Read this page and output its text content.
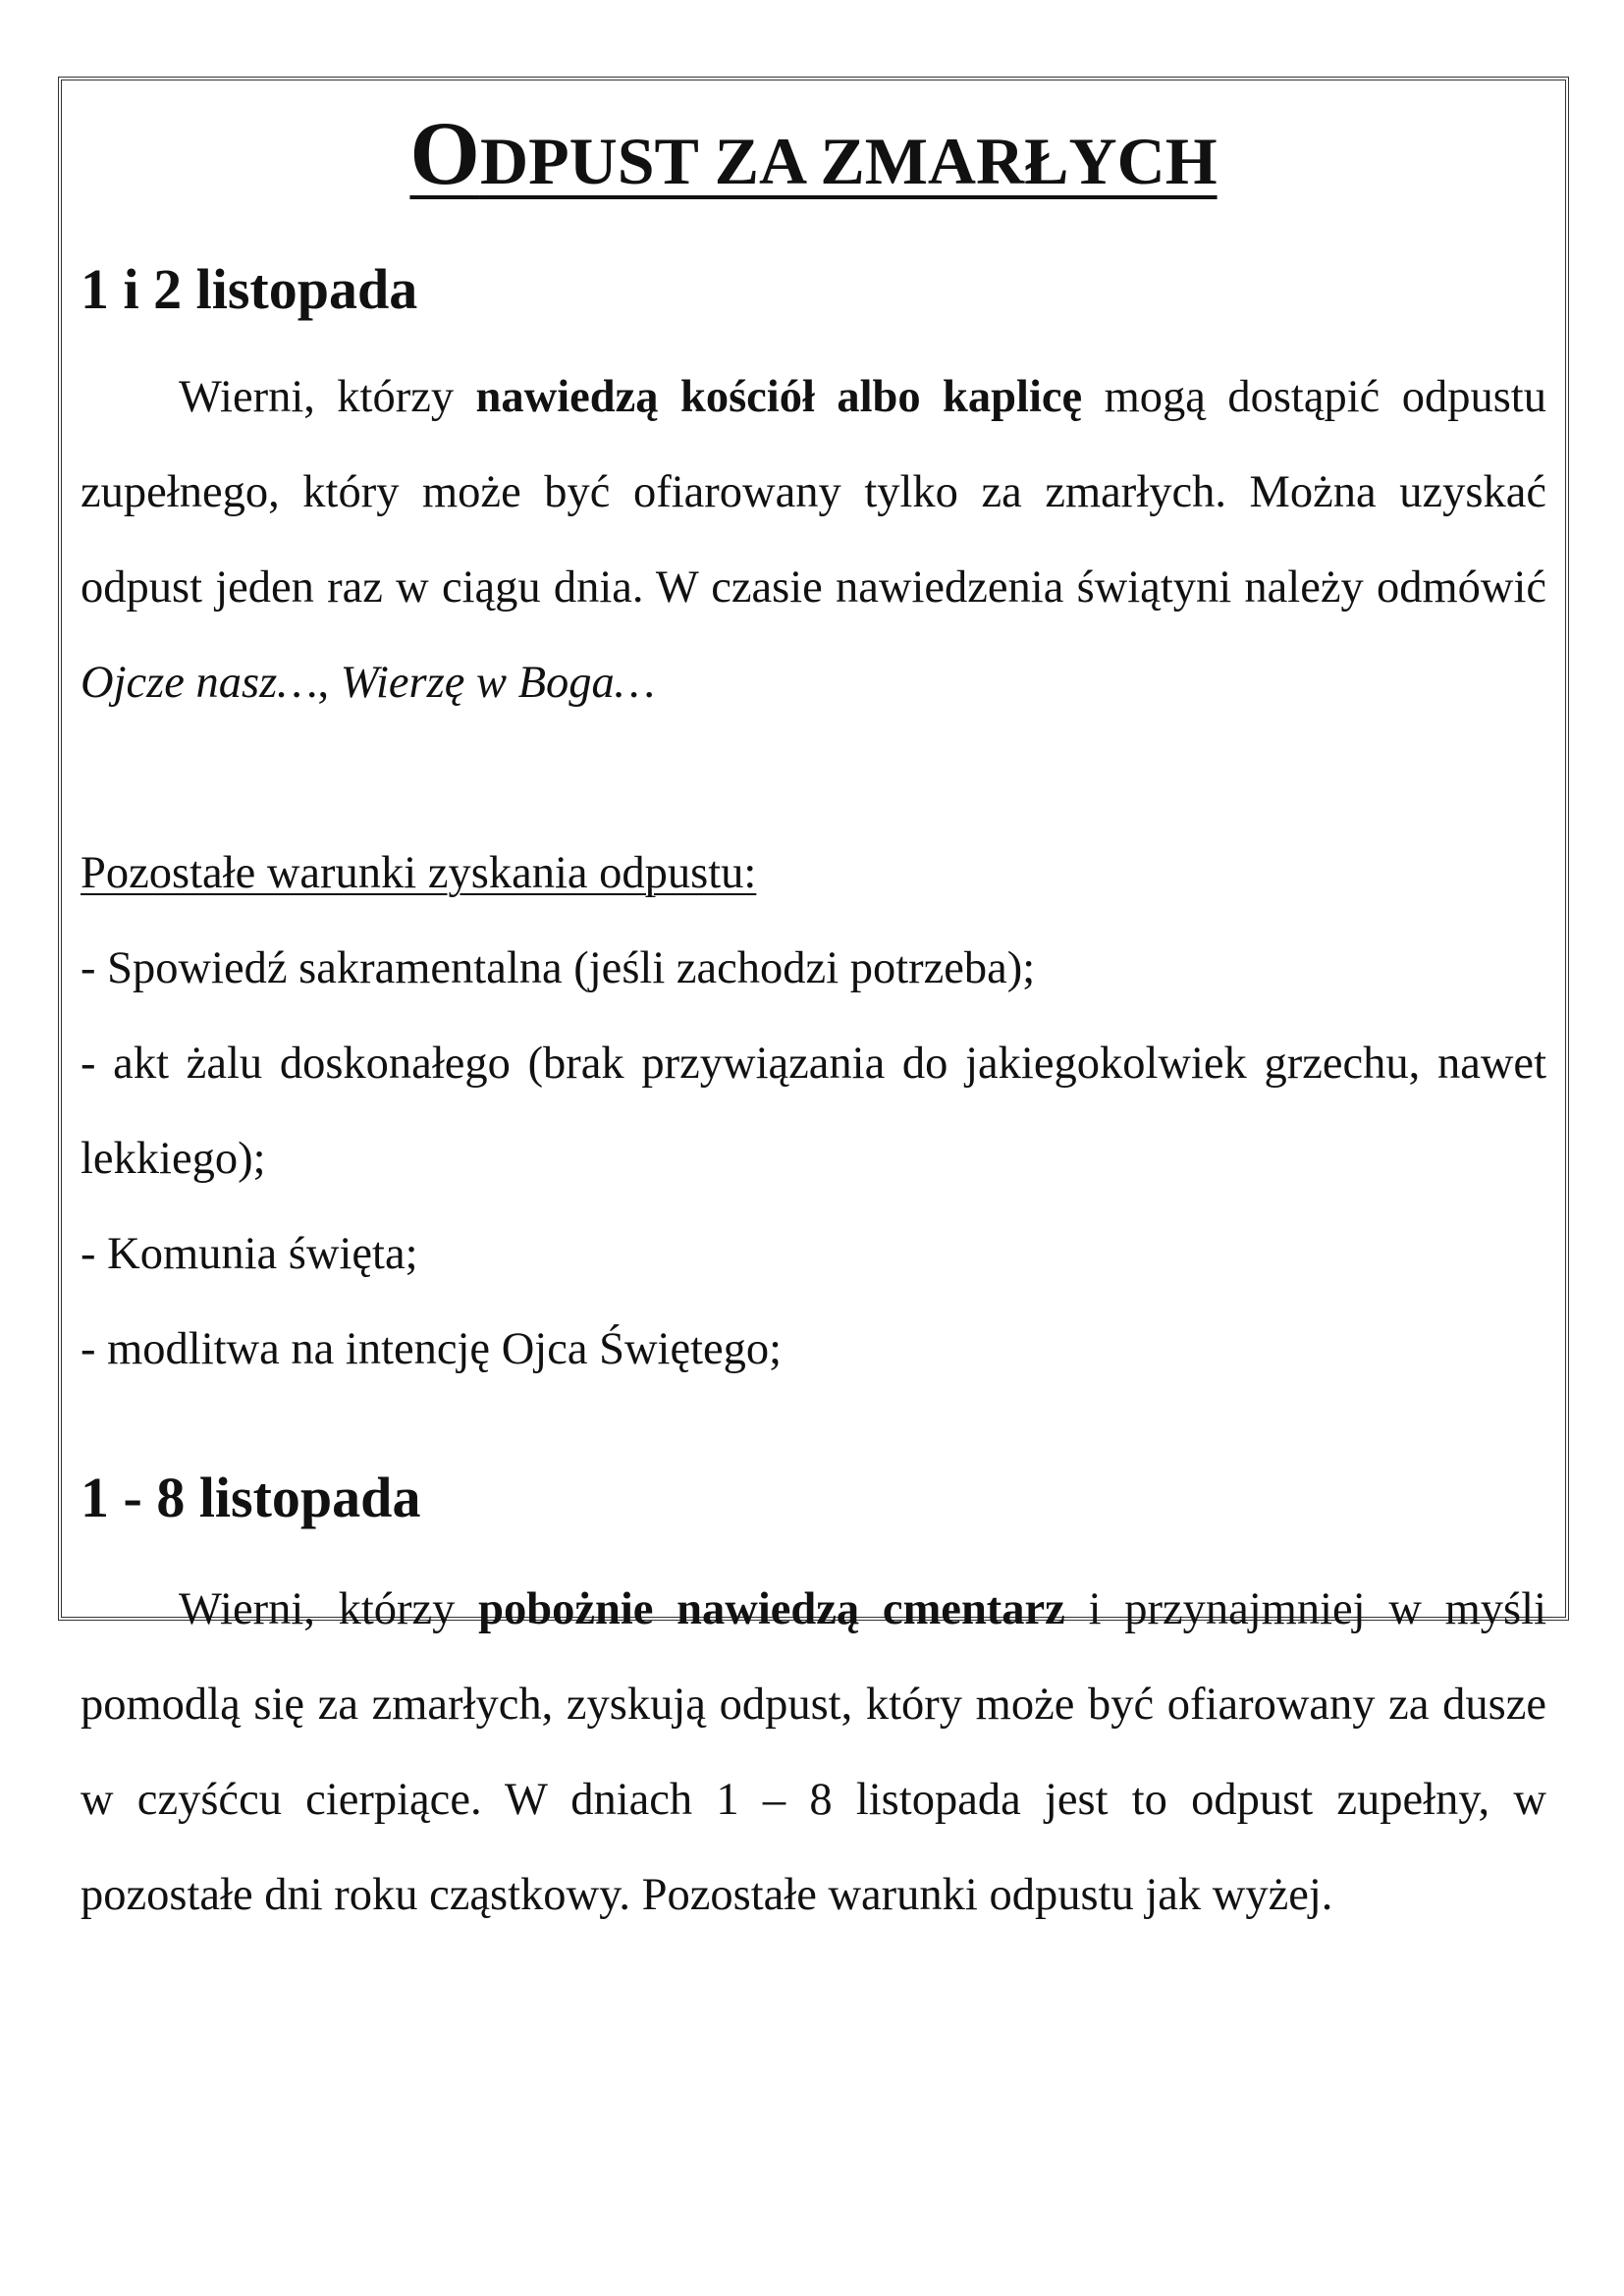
ODPUST ZA ZMARŁYCH
1 i 2 listopada

Wierni, którzy nawiedzą kościół albo kaplicę mogą dostąpić odpustu zupełnego, który może być ofiarowany tylko za zmarłych. Można uzyskać odpust jeden raz w ciągu dnia. W czasie nawiedzenia świątyni należy odmówić Ojcze nasz…, Wierzę w Boga…

Pozostałe warunki zyskania odpustu:
- Spowiedź sakramentalna (jeśli zachodzi potrzeba);
- akt żalu doskonałego (brak przywiązania do jakiegokolwiek grzechu, nawet lekkiego);
- Komunia święta;
- modlitwa na intencję Ojca Świętego;
1 - 8 listopada

Wierni, którzy pobożnie nawiedzą cmentarz i przynajmniej w myśli pomodlą się za zmarłych, zyskują odpust, który może być ofiarowany za dusze w czyśćcu cierpiące. W dniach 1 – 8 listopada jest to odpust zupełny, w pozostałe dni roku cząstkowy. Pozostałe warunki odpustu jak wyżej.
